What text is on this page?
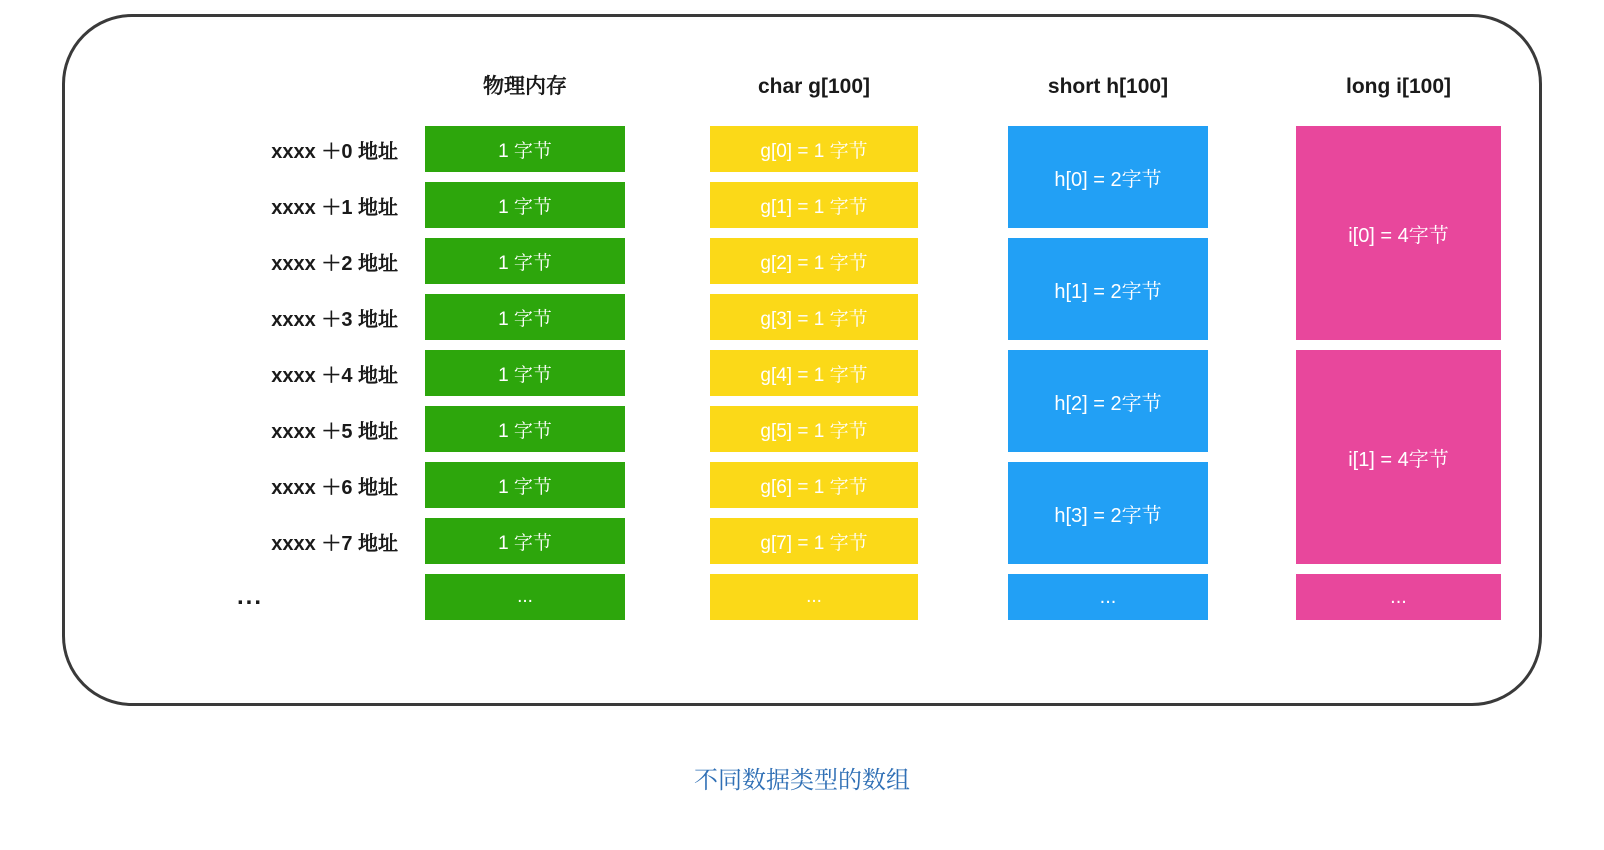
xxxx ＋0 地址
xxxx ＋1 地址
xxxx ＋2 地址
xxxx ＋3 地址
xxxx ＋4 地址
xxxx ＋5 地址
xxxx ＋6 地址
xxxx ＋7 地址
...
物理内存
1 字节
1 字节
1 字节
1 字节
1 字节
1 字节
1 字节
1 字节
...
char g[100]
g[0] = 1 字节
g[1] = 1 字节
g[2] = 1 字节
g[3] = 1 字节
g[4] = 1 字节
g[5] = 1 字节
g[6] = 1 字节
g[7] = 1 字节
...
short h[100]
h[0] = 2字节
h[1] = 2字节
h[2] = 2字节
h[3] = 2字节
...
long i[100]
i[0] = 4字节
i[1] = 4字节
...
不同数据类型的数组
